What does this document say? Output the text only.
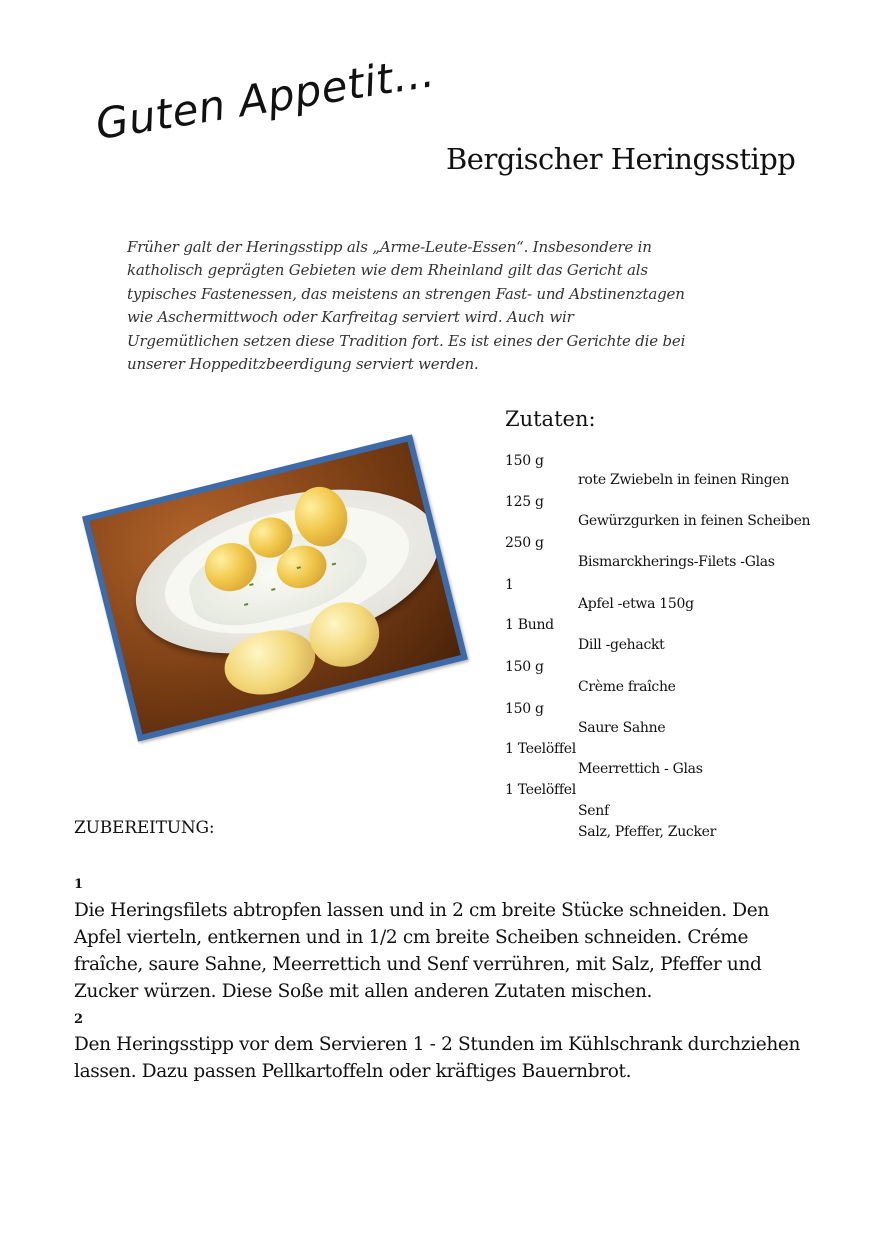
Guten Appetit...
Bergischer Heringsstipp
Früher galt der Heringsstipp als „Arme-Leute-Essen“. Insbesondere in katholisch geprägten Gebieten wie dem Rheinland gilt das Gericht als typisches Fastenessen, das meistens an strengen Fast- und Abstinenztagen wie Aschermittwoch oder Karfreitag serviert wird. Auch wir Urgemütlichen setzen diese Tradition fort. Es ist eines der Gerichte die bei unserer Hoppeditzbeerdigung serviert werden.
Zutaten:
150 g
rote Zwiebeln in feinen Ringen
125 g
Gewürzgurken in feinen Scheiben
250 g
Bismarckherings-Filets -Glas
1
Apfel -etwa 150g
1 Bund
Dill -gehackt
150 g
Crème fraîche
150 g
Saure Sahne
1 Teelöffel
Meerrettich - Glas
1 Teelöffel
Senf
Salz, Pfeffer, Zucker
ZUBEREITUNG:
1
Die Heringsfilets abtropfen lassen und in 2 cm breite Stücke schneiden. Den Apfel vierteln, entkernen und in 1/2 cm breite Scheiben schneiden. Créme fraîche, saure Sahne, Meerrettich und Senf verrühren, mit Salz, Pfeffer und Zucker würzen. Diese Soße mit allen anderen Zutaten mischen.
2
Den Heringsstipp vor dem Servieren 1 - 2 Stunden im Kühlschrank durchziehen lassen. Dazu passen Pellkartoffeln oder kräftiges Bauernbrot.
